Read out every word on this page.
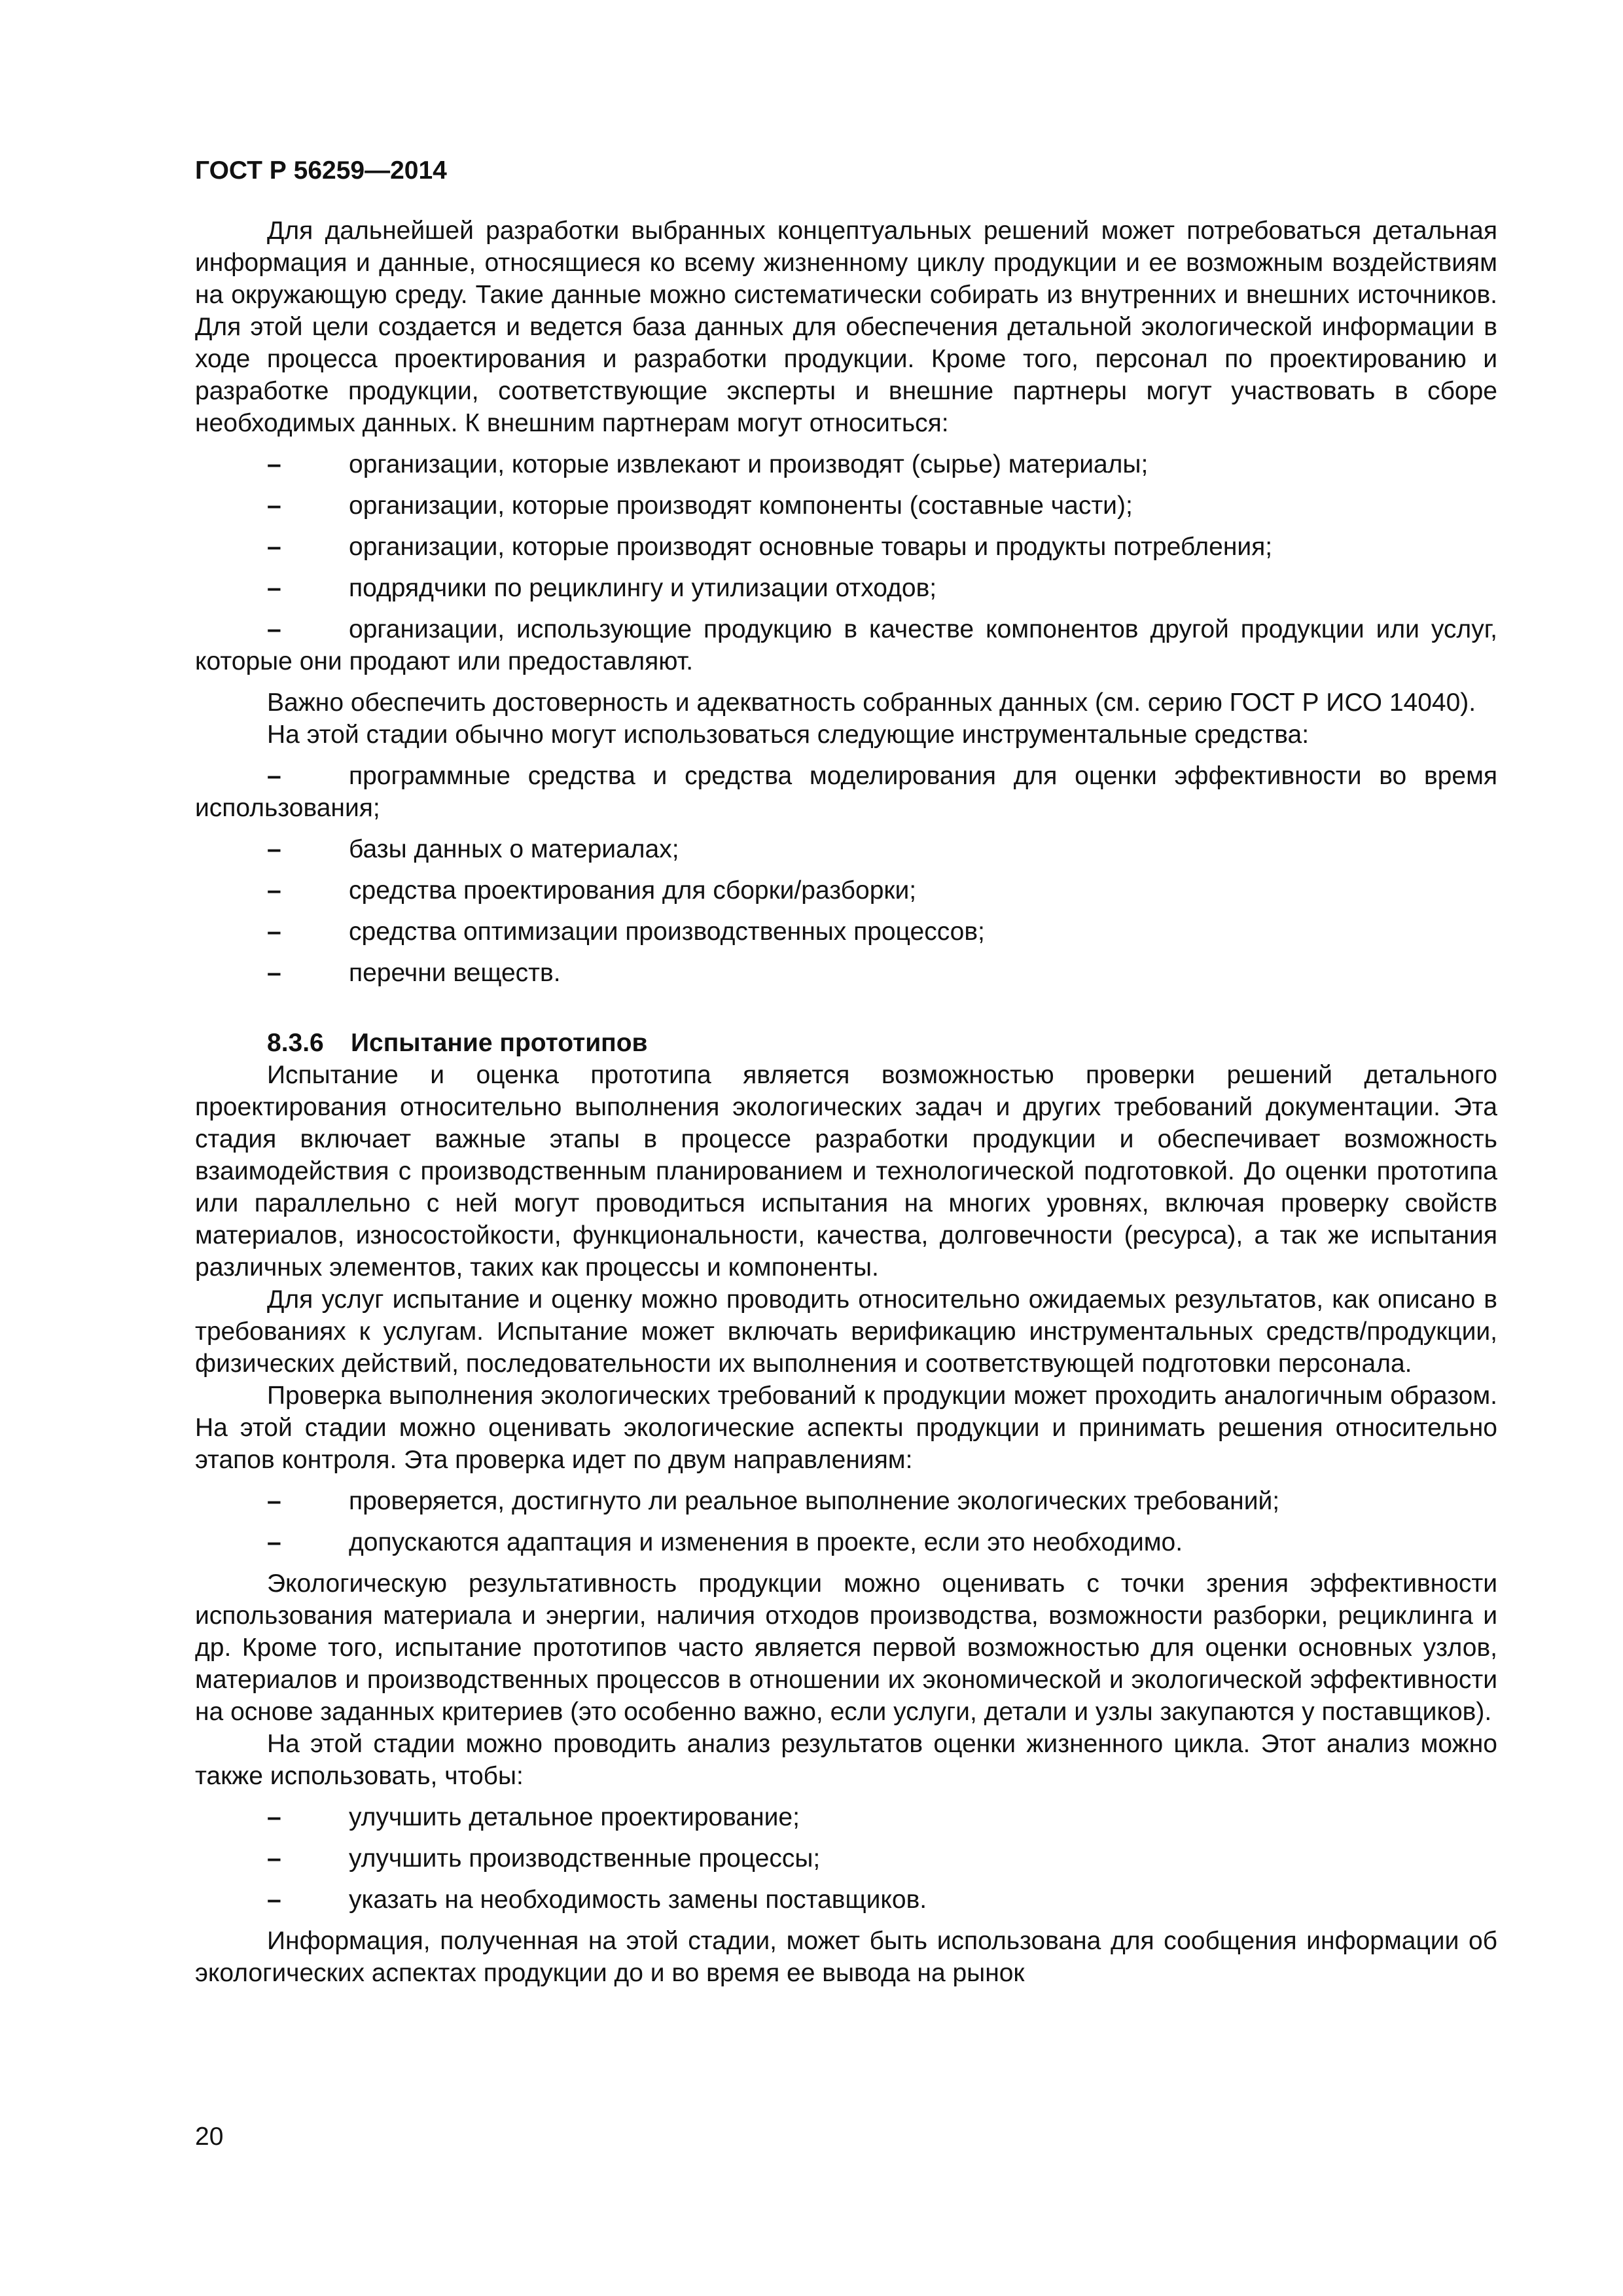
ГОСТ Р 56259—2014

Для дальнейшей разработки выбранных концептуальных решений может потребоваться детальная информация и данные, относящиеся ко всему жизненному циклу продукции и ее возможным воздействиям на окружающую среду. Такие данные можно систематически собирать из внутренних и внешних источников. Для этой цели создается и ведется база данных для обеспечения детальной экологической информации в ходе процесса проектирования и разработки продукции. Кроме того, персонал по проектированию и разработке продукции, соответствующие эксперты и внешние партнеры могут участвовать в сборе необходимых данных. К внешним партнерам могут относиться:

–	организации, которые извлекают и производят (сырье) материалы;
–	организации, которые производят компоненты (составные части);
–	организации, которые производят основные товары и продукты потребления;
–	подрядчики по рециклингу и утилизации отходов;
–	организации, использующие продукцию в качестве компонентов другой продукции или услуг, которые они продают или предоставляют.

Важно обеспечить достоверность и адекватность собранных данных (см. серию ГОСТ Р ИСО 14040).

На этой стадии обычно могут использоваться следующие инструментальные средства:

–	программные средства и средства моделирования для оценки эффективности во время использования;
–	базы данных о материалах;
–	средства проектирования для сборки/разборки;
–	средства оптимизации производственных процессов;
–	перечни веществ.
8.3.6 Испытание прототипов

Испытание и оценка прототипа является возможностью проверки решений детального проектирования относительно выполнения экологических задач и других требований документации. Эта стадия включает важные этапы в процессе разработки продукции и обеспечивает возможность взаимодействия с производственным планированием и технологической подготовкой. До оценки прототипа или параллельно с ней могут проводиться испытания на многих уровнях, включая проверку свойств материалов, износостойкости, функциональности, качества, долговечности (ресурса), а так же испытания различных элементов, таких как процессы и компоненты.

Для услуг испытание и оценку можно проводить относительно ожидаемых результатов, как описано в требованиях к услугам. Испытание может включать верификацию инструментальных средств/продукции, физических действий, последовательности их выполнения и соответствующей подготовки персонала.

Проверка выполнения экологических требований к продукции может проходить аналогичным образом. На этой стадии можно оценивать экологические аспекты продукции и принимать решения относительно этапов контроля. Эта проверка идет по двум направлениям:

–	проверяется, достигнуто ли реальное выполнение экологических требований;
–	допускаются адаптация и изменения в проекте, если это необходимо.

Экологическую результативность продукции можно оценивать с точки зрения эффективности использования материала и энергии, наличия отходов производства, возможности разборки, рециклинга и др. Кроме того, испытание прототипов часто является первой возможностью для оценки основных узлов, материалов и производственных процессов в отношении их экономической и экологической эффективности на основе заданных критериев (это особенно важно, если услуги, детали и узлы закупаются у поставщиков).

На этой стадии можно проводить анализ результатов оценки жизненного цикла. Этот анализ можно также использовать, чтобы:

–	улучшить детальное проектирование;
–	улучшить производственные процессы;
–	указать на необходимость замены поставщиков.

Информация, полученная на этой стадии, может быть использована для сообщения информации об экологических аспектах продукции до и во время ее вывода на рынок

20
